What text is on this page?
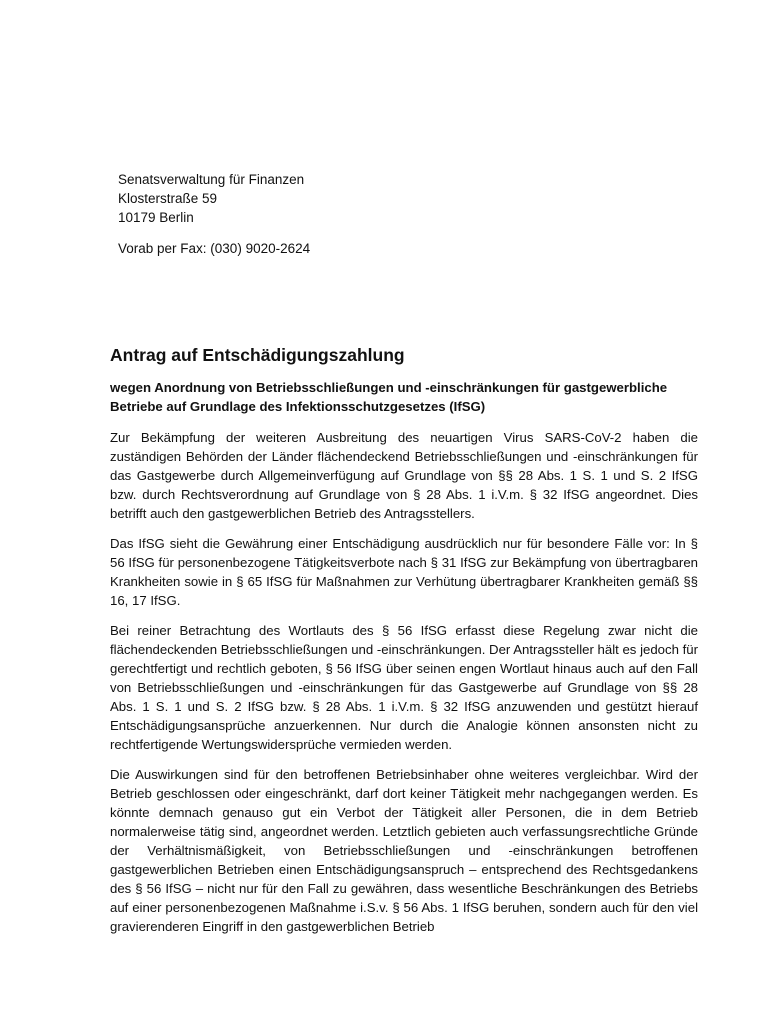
Senatsverwaltung für Finanzen
Klosterstraße 59
10179 Berlin
Vorab per Fax: (030) 9020-2624
Antrag auf Entschädigungszahlung

wegen Anordnung von Betriebsschließungen und -einschränkungen für gastgewerbliche Betriebe auf Grundlage des Infektionsschutzgesetzes (IfSG)

Zur Bekämpfung der weiteren Ausbreitung des neuartigen Virus SARS-CoV-2 haben die zuständigen Behörden der Länder flächendeckend Betriebsschließungen und -einschränkungen für das Gastgewerbe durch Allgemeinverfügung auf Grundlage von §§ 28 Abs. 1 S. 1 und S. 2 IfSG bzw. durch Rechtsverordnung auf Grundlage von § 28 Abs. 1 i.V.m. § 32 IfSG angeordnet. Dies betrifft auch den gastgewerblichen Betrieb des Antragsstellers.

Das IfSG sieht die Gewährung einer Entschädigung ausdrücklich nur für besondere Fälle vor: In § 56 IfSG für personenbezogene Tätigkeitsverbote nach § 31 IfSG zur Bekämpfung von übertragbaren Krankheiten sowie in § 65 IfSG für Maßnahmen zur Verhütung übertragbarer Krankheiten gemäß §§ 16, 17 IfSG.

Bei reiner Betrachtung des Wortlauts des § 56 IfSG erfasst diese Regelung zwar nicht die flächendeckenden Betriebsschließungen und -einschränkungen. Der Antragssteller hält es jedoch für gerechtfertigt und rechtlich geboten, § 56 IfSG über seinen engen Wortlaut hinaus auch auf den Fall von Betriebsschließungen und -einschränkungen für das Gastgewerbe auf Grundlage von §§ 28 Abs. 1 S. 1 und S. 2 IfSG bzw. § 28 Abs. 1 i.V.m. § 32 IfSG anzuwenden und gestützt hierauf Entschädigungsansprüche anzuerkennen. Nur durch die Analogie können ansonsten nicht zu rechtfertigende Wertungswidersprüche vermieden werden.

Die Auswirkungen sind für den betroffenen Betriebsinhaber ohne weiteres vergleichbar. Wird der Betrieb geschlossen oder eingeschränkt, darf dort keiner Tätigkeit mehr nachgegangen werden. Es könnte demnach genauso gut ein Verbot der Tätigkeit aller Personen, die in dem Betrieb normalerweise tätig sind, angeordnet werden. Letztlich gebieten auch verfassungsrechtliche Gründe der Verhältnismäßigkeit, von Betriebsschließungen und -einschränkungen betroffenen gastgewerblichen Betrieben einen Entschädigungsanspruch – entsprechend des Rechtsgedankens des § 56 IfSG – nicht nur für den Fall zu gewähren, dass wesentliche Beschränkungen des Betriebs auf einer personenbezogenen Maßnahme i.S.v. § 56 Abs. 1 IfSG beruhen, sondern auch für den viel gravierenderen Eingriff in den gastgewerblichen Betrieb
